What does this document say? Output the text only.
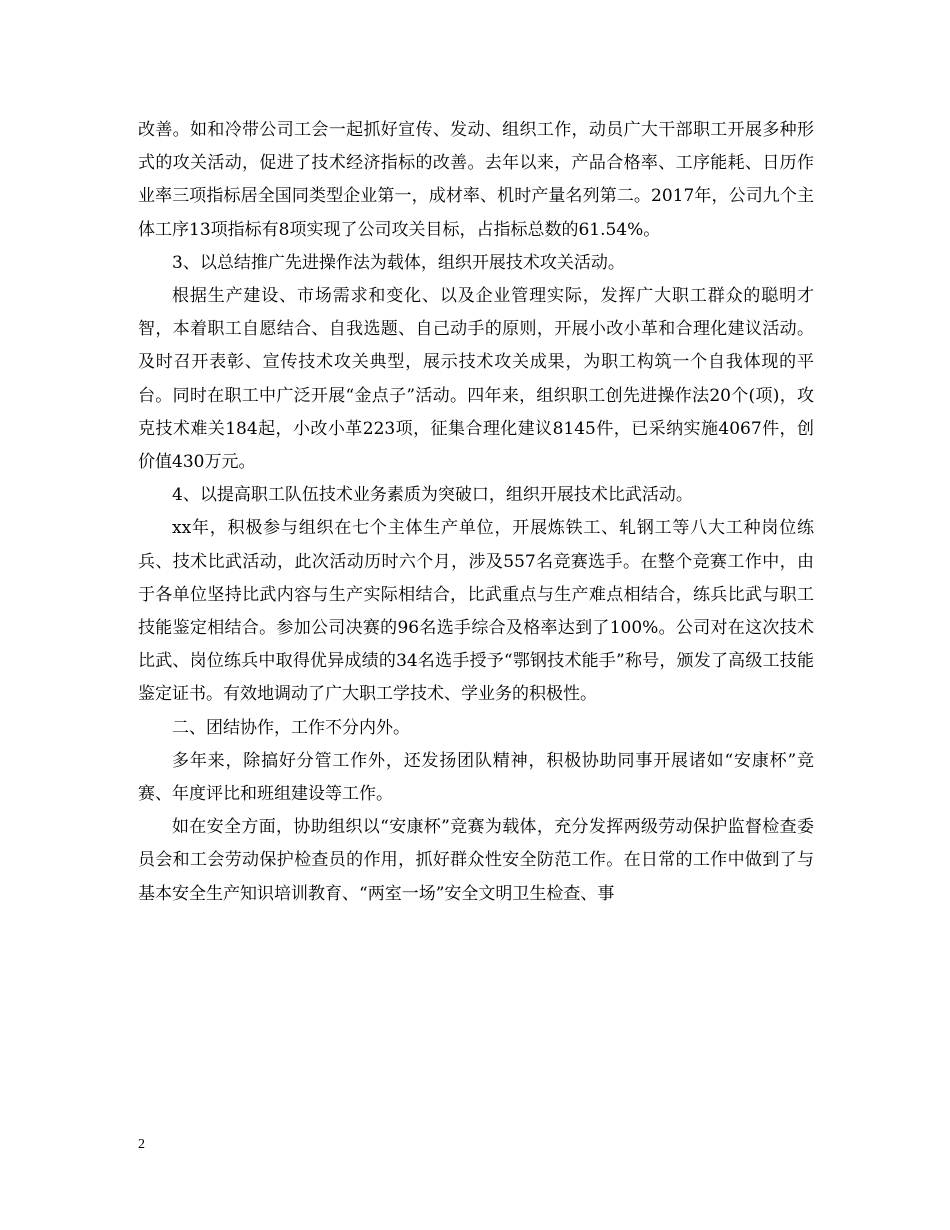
改善。如和冷带公司工会一起抓好宣传、发动、组织工作，动员广大干部职工开展多种形式的攻关活动，促进了技术经济指标的改善。去年以来，产品合格率、工序能耗、日历作业率三项指标居全国同类型企业第一，成材率、机时产量名列第二。2017年，公司九个主体工序13项指标有8项实现了公司攻关目标，占指标总数的61.54%。

3、以总结推广先进操作法为载体，组织开展技术攻关活动。

根据生产建设、市场需求和变化、以及企业管理实际，发挥广大职工群众的聪明才智，本着职工自愿结合、自我选题、自己动手的原则，开展小改小革和合理化建议活动。及时召开表彰、宣传技术攻关典型，展示技术攻关成果，为职工构筑一个自我体现的平台。同时在职工中广泛开展“金点子”活动。四年来，组织职工创先进操作法20个(项)，攻克技术难关184起，小改小革223项，征集合理化建议8145件，已采纳实施4067件，创价值430万元。

4、以提高职工队伍技术业务素质为突破口，组织开展技术比武活动。

xx年，积极参与组织在七个主体生产单位，开展炼铁工、轧钢工等八大工种岗位练兵、技术比武活动，此次活动历时六个月，涉及557名竞赛选手。在整个竞赛工作中，由于各单位坚持比武内容与生产实际相结合，比武重点与生产难点相结合，练兵比武与职工技能鉴定相结合。参加公司决赛的96名选手综合及格率达到了100%。公司对在这次技术比武、岗位练兵中取得优异成绩的34名选手授予“鄂钢技术能手”称号，颁发了高级工技能鉴定证书。有效地调动了广大职工学技术、学业务的积极性。

二、团结协作，工作不分内外。

多年来，除搞好分管工作外，还发扬团队精神，积极协助同事开展诸如“安康杯”竞赛、年度评比和班组建设等工作。

如在安全方面，协助组织以“安康杯”竞赛为载体，充分发挥两级劳动保护监督检查委员会和工会劳动保护检查员的作用，抓好群众性安全防范工作。在日常的工作中做到了与基本安全生产知识培训教育、“两室一场”安全文明卫生检查、事

2
